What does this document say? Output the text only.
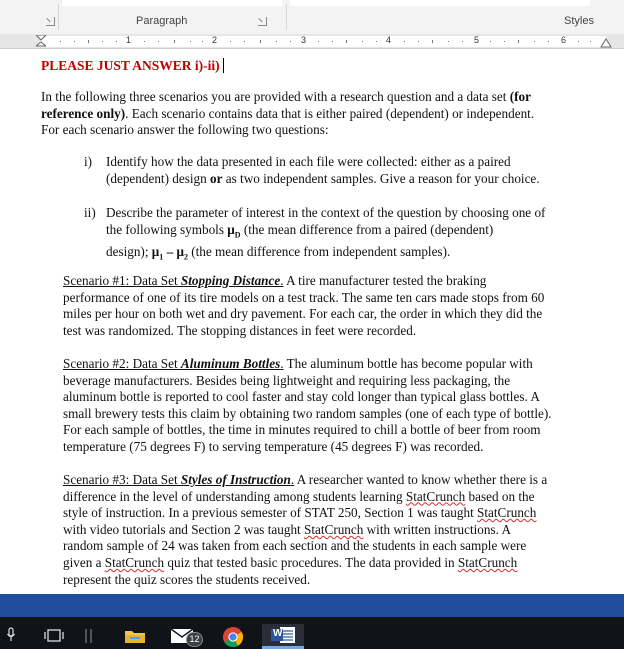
Paragraph	Styles
1	2	3	4	5	6
PLEASE JUST ANSWER i)-ii)
In the following three scenarios you are provided with a research question and a data set (for
reference only). Each scenario contains data that is either paired (dependent) or independent.
For each scenario answer the following two questions:
i) Identify how the data presented in each file were collected: either as a paired
(dependent) design or as two independent samples. Give a reason for your choice.
ii) Describe the parameter of interest in the context of the question by choosing one of
the following symbols $\mu_D$ (the mean difference from a paired (dependent)
design); $\mu_1 - \mu_2$ (the mean difference from independent samples).
Scenario #1: Data Set Stopping Distance. A tire manufacturer tested the braking
performance of one of its tire models on a test track. The same ten cars made stops from 60
miles per hour on both wet and dry pavement. For each car, the order in which they did the
test was randomized. The stopping distances in feet were recorded.
Scenario #2: Data Set Aluminum Bottles. The aluminum bottle has become popular with
beverage manufacturers. Besides being lightweight and requiring less packaging, the
aluminum bottle is reported to cool faster and stay cold longer than typical glass bottles. A
small brewery tests this claim by obtaining two random samples (one of each type of bottle).
For each sample of bottles, the time in minutes required to chill a bottle of beer from room
temperature (75 degrees F) to serving temperature (45 degrees F) was recorded.
Scenario #3: Data Set Styles of Instruction. A researcher wanted to know whether there is a
difference in the level of understanding among students learning StatCrunch based on the
style of instruction. In a previous semester of STAT 250, Section 1 was taught StatCrunch
with video tutorials and Section 2 was taught StatCrunch with written instructions. A
random sample of 24 was taken from each section and the students in each sample were
given a StatCrunch quiz that tested basic procedures. The data provided in StatCrunch
represent the quiz scores the students received.
12	W
